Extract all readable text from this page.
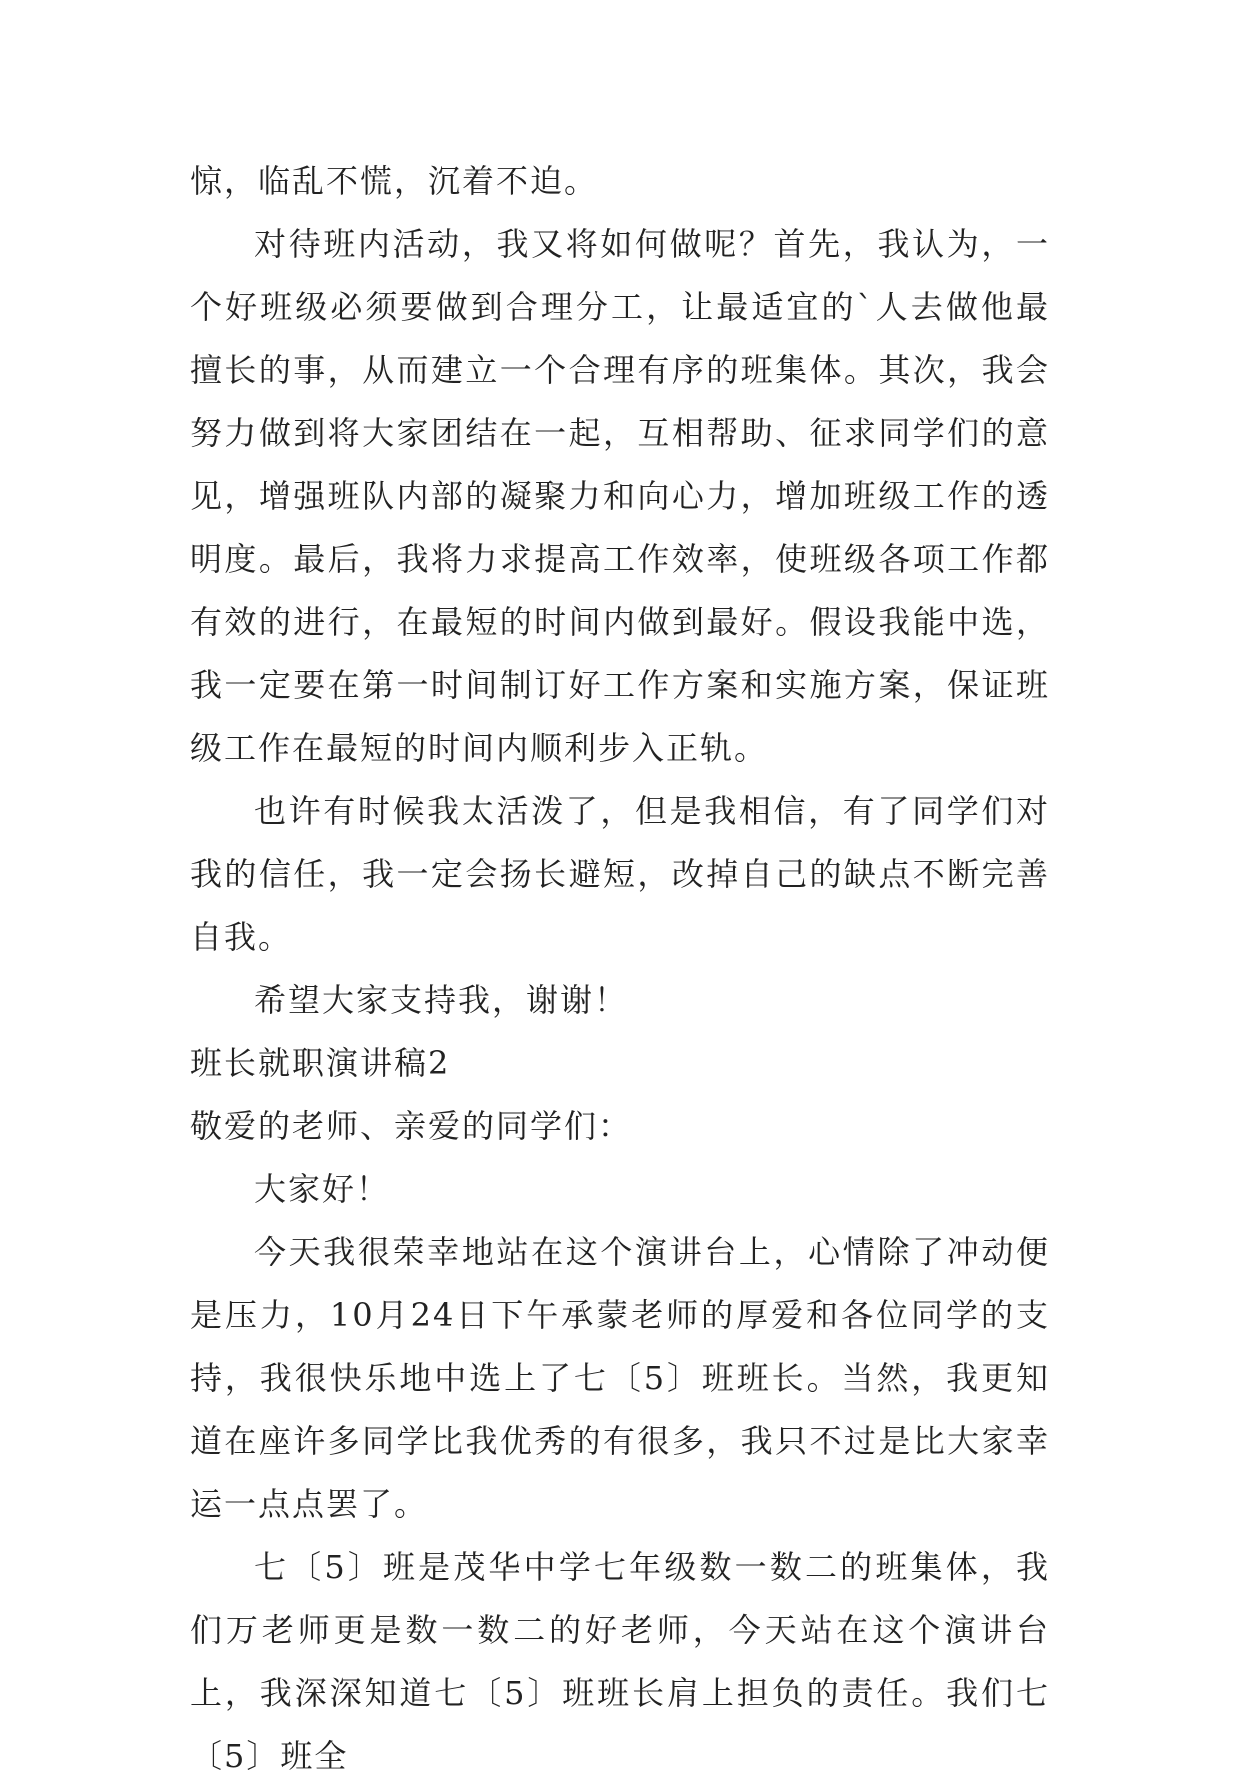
惊，临乱不慌，沉着不迫。

对待班内活动，我又将如何做呢？首先，我认为，一个好班级必须要做到合理分工，让最适宜的`人去做他最擅长的事，从而建立一个合理有序的班集体。其次，我会努力做到将大家团结在一起，互相帮助、征求同学们的意见，增强班队内部的凝聚力和向心力，增加班级工作的透明度。最后，我将力求提高工作效率，使班级各项工作都有效的进行，在最短的时间内做到最好。假设我能中选，我一定要在第一时间制订好工作方案和实施方案，保证班级工作在最短的时间内顺利步入正轨。

也许有时候我太活泼了，但是我相信，有了同学们对我的信任，我一定会扬长避短，改掉自己的缺点不断完善自我。

希望大家支持我，谢谢！

班长就职演讲稿2

敬爱的老师、亲爱的同学们：

大家好！

今天我很荣幸地站在这个演讲台上，心情除了冲动便是压力，10月24日下午承蒙老师的厚爱和各位同学的支持，我很快乐地中选上了七〔5〕班班长。当然，我更知道在座许多同学比我优秀的有很多，我只不过是比大家幸运一点点罢了。

七〔5〕班是茂华中学七年级数一数二的班集体，我们万老师更是数一数二的好老师，今天站在这个演讲台上，我深深知道七〔5〕班班长肩上担负的责任。我们七〔5〕班全
